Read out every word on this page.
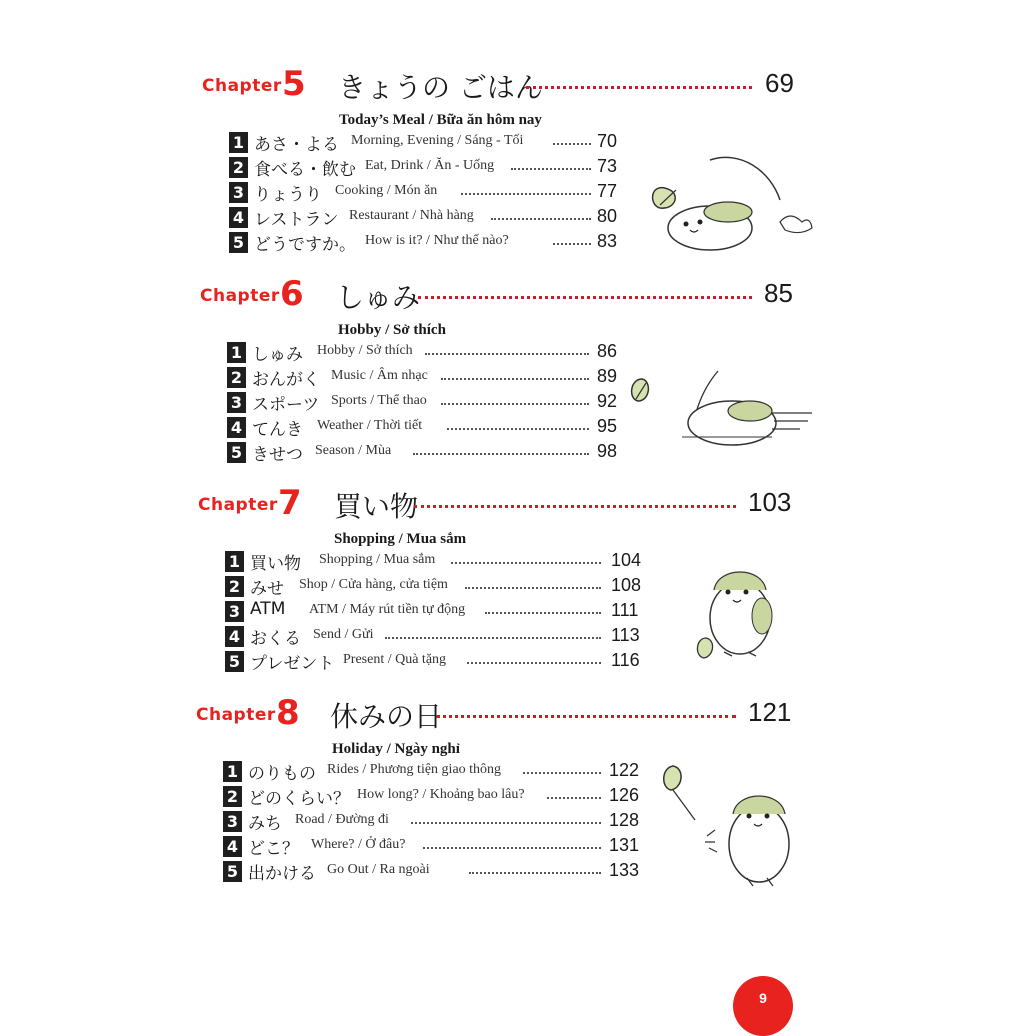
Chapter 5 きょうの ごはん	69
Today’s Meal / Bữa ăn hôm nay
1 あさ・よる Morning, Evening / Sáng - Tối	70
2 食べる・飲む Eat, Drink / Ăn - Uống	73
3 りょうり Cooking / Món ăn	77
4 レストラン Restaurant / Nhà hàng	80
5 どうですか。 How is it? / Như thế nào?	83
Chapter 6 しゅみ	85
Hobby / Sở thích
1 しゅみ Hobby / Sở thích	86
2 おんがく Music / Âm nhạc	89
3 スポーツ Sports / Thể thao	92
4 てんき Weather / Thời tiết	95
5 きせつ Season / Mùa	98
Chapter 7 買い物	103
Shopping / Mua sắm
1 買い物 Shopping / Mua sắm	104
2 みせ Shop / Cửa hàng, cửa tiệm	108
3 ATM ATM / Máy rút tiền tự động	111
4 おくる Send / Gửi	113
5 プレゼント Present / Quà tặng	116
Chapter 8 休みの日	121
Holiday / Ngày nghỉ
1 のりもの Rides / Phương tiện giao thông	122
2 どのくらい？ How long? / Khoảng bao lâu?	126
3 みち Road / Đường đi	128
4 どこ？ Where? / Ở đâu?	131
5 出かける Go Out / Ra ngoài	133
9
